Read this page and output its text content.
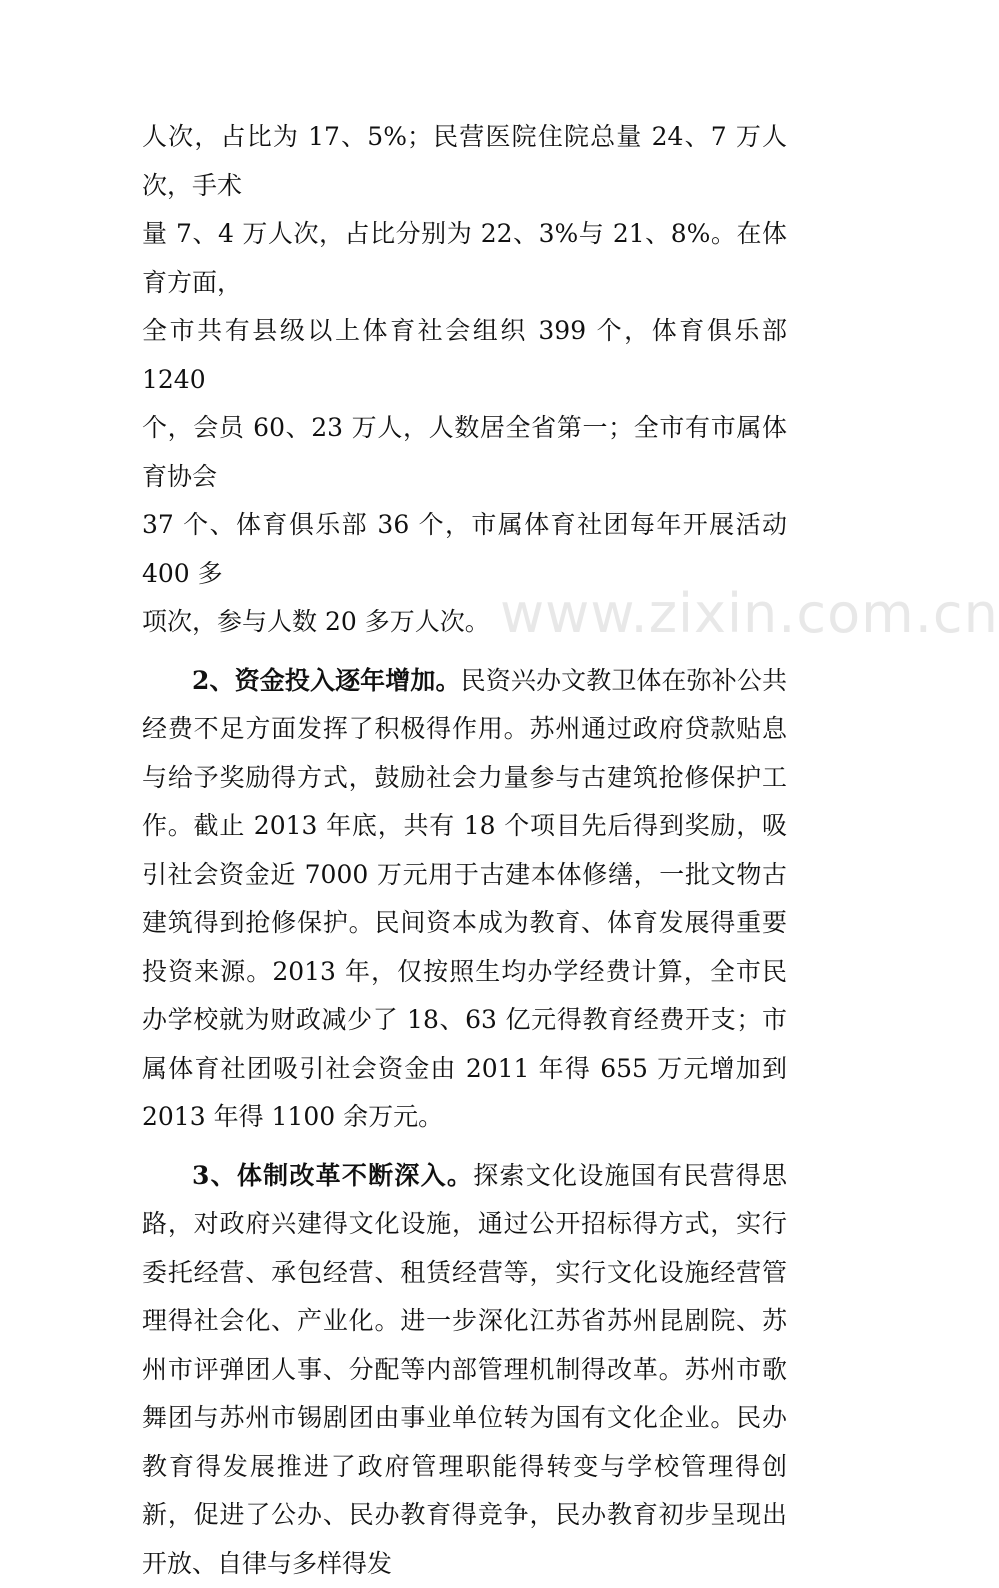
人次，占比为 17、5%；民营医院住院总量 24、7 万人次，手术
量 7、4 万人次，占比分别为 22、3%与 21、8%。在体育方面，
全市共有县级以上体育社会组织 399 个，体育俱乐部 1240
个，会员 60、23 万人，人数居全省第一；全市有市属体育协会
37 个、体育俱乐部 36 个，市属体育社团每年开展活动 400 多
项次，参与人数 20 多万人次。

2、资金投入逐年增加。民资兴办文教卫体在弥补公共经费不足方面发挥了积极得作用。苏州通过政府贷款贴息与给予奖励得方式，鼓励社会力量参与古建筑抢修保护工作。截止 2013 年底，共有 18 个项目先后得到奖励，吸引社会资金近 7000 万元用于古建本体修缮，一批文物古建筑得到抢修保护。民间资本成为教育、体育发展得重要投资来源。2013 年，仅按照生均办学经费计算，全市民办学校就为财政减少了 18、63 亿元得教育经费开支；市属体育社团吸引社会资金由 2011 年得 655 万元增加到 2013 年得 1100 余万元。

3、体制改革不断深入。探索文化设施国有民营得思路，对政府兴建得文化设施，通过公开招标得方式，实行委托经营、承包经营、租赁经营等，实行文化设施经营管理得社会化、产业化。进一步深化江苏省苏州昆剧院、苏州市评弹团人事、分配等内部管理机制得改革。苏州市歌舞团与苏州市锡剧团由事业单位转为国有文化企业。民办教育得发展推进了政府管理职能得转变与学校管理得创新，促进了公办、民办教育得竞争，民办教育初步呈现出开放、自律与多样得发

www.zixin.com.cn
